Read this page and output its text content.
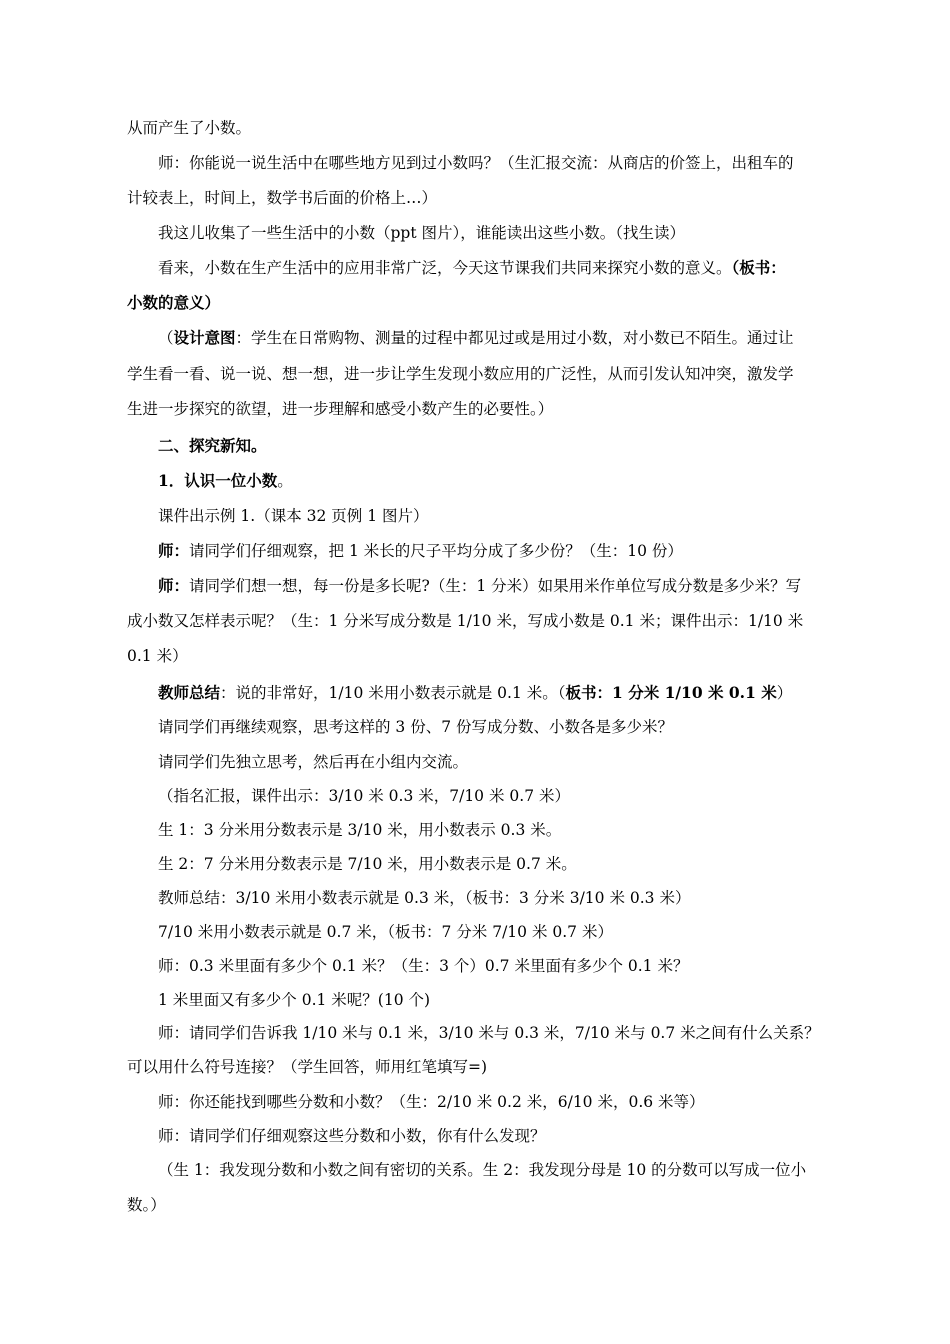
从而产生了小数。
师：你能说一说生活中在哪些地方见到过小数吗？（生汇报交流：从商店的价签上，出租车的
计较表上，时间上，数学书后面的价格上…）
我这儿收集了一些生活中的小数（ppt 图片），谁能读出这些小数。（找生读）
看来，小数在生产生活中的应用非常广泛，今天这节课我们共同来探究小数的意义。（板书：
小数的意义）
（设计意图：学生在日常购物、测量的过程中都见过或是用过小数，对小数已不陌生。通过让
学生看一看、说一说、想一想，进一步让学生发现小数应用的广泛性，从而引发认知冲突，激发学
生进一步探究的欲望，进一步理解和感受小数产生的必要性。）
二、探究新知。
1．认识一位小数。
课件出示例 1.（课本 32 页例 1 图片）
师：请同学们仔细观察，把 1 米长的尺子平均分成了多少份？（生：10 份）
师：请同学们想一想，每一份是多长呢?（生：1 分米）如果用米作单位写成分数是多少米？写
成小数又怎样表示呢？（生：1 分米写成分数是 1/10 米，写成小数是 0.1 米；课件出示：1/10 米
0.1 米）
教师总结：说的非常好，1/10 米用小数表示就是 0.1 米。（板书：1 分米 1/10 米 0.1 米）
请同学们再继续观察，思考这样的 3 份、7 份写成分数、小数各是多少米？
请同学们先独立思考，然后再在小组内交流。
（指名汇报，课件出示：3/10 米 0.3 米，7/10 米 0.7 米）
生 1：3 分米用分数表示是 3/10 米，用小数表示 0.3 米。
生 2：7 分米用分数表示是 7/10 米，用小数表示是 0.7 米。
教师总结：3/10 米用小数表示就是 0.3 米，（板书：3 分米 3/10 米 0.3 米）
7/10 米用小数表示就是 0.7 米，（板书：7 分米 7/10 米 0.7 米）
师：0.3 米里面有多少个 0.1 米？（生：3 个）0.7 米里面有多少个 0.1 米？
1 米里面又有多少个 0.1 米呢？(10 个)
师：请同学们告诉我 1/10 米与 0.1 米，3/10 米与 0.3 米，7/10 米与 0.7 米之间有什么关系？
可以用什么符号连接？（学生回答，师用红笔填写=)
师：你还能找到哪些分数和小数？（生：2/10 米 0.2 米，6/10 米，0.6 米等）
师：请同学们仔细观察这些分数和小数，你有什么发现？
（生 1：我发现分数和小数之间有密切的关系。生 2：我发现分母是 10 的分数可以写成一位小
数。）
